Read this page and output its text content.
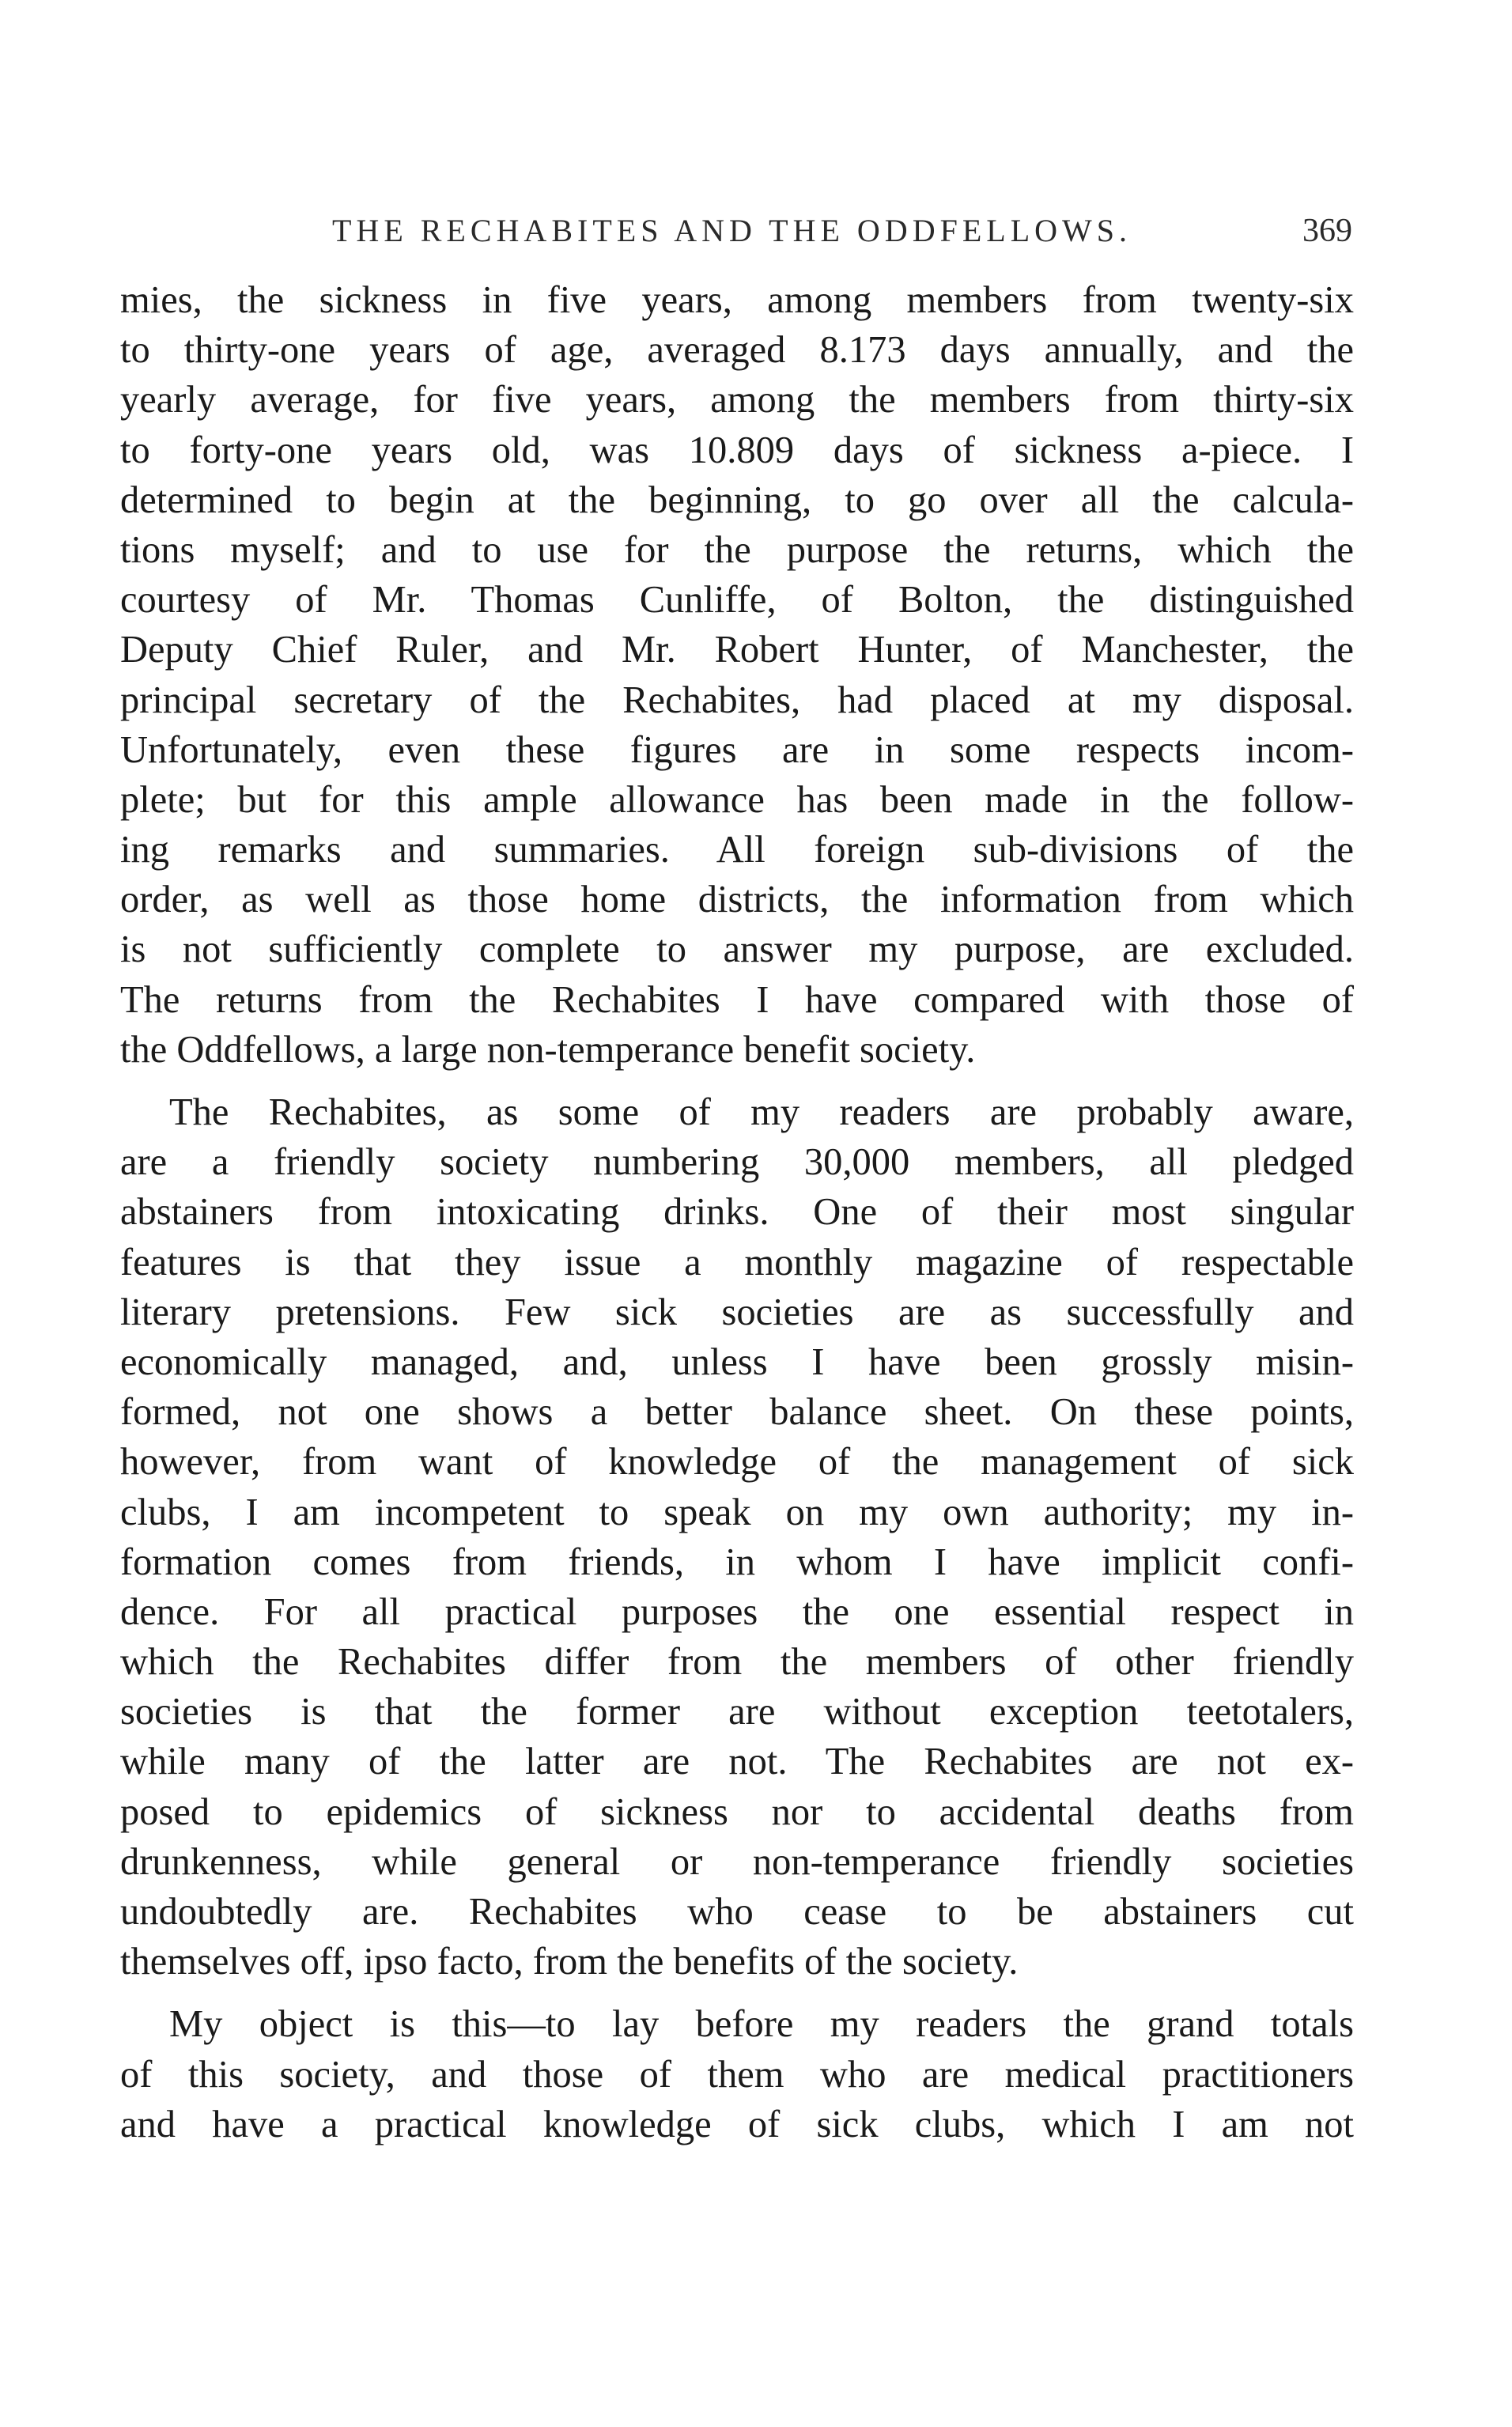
THE RECHABITES AND THE ODDFELLOWS.	369
mies, the sickness in five years, among members from twenty-six
to thirty-one years of age, averaged 8.173 days annually, and the
yearly average, for five years, among the members from thirty-six
to forty-one years old, was 10.809 days of sickness a-piece. I
determined to begin at the beginning, to go over all the calcula-
tions myself; and to use for the purpose the returns, which the
courtesy of Mr. Thomas Cunliffe, of Bolton, the distinguished
Deputy Chief Ruler, and Mr. Robert Hunter, of Manchester, the
principal secretary of the Rechabites, had placed at my disposal.
Unfortunately, even these figures are in some respects incom-
plete; but for this ample allowance has been made in the follow-
ing remarks and summaries. All foreign sub-divisions of the
order, as well as those home districts, the information from which
is not sufficiently complete to answer my purpose, are excluded.
The returns from the Rechabites I have compared with those of
the Oddfellows, a large non-temperance benefit society.
The Rechabites, as some of my readers are probably aware,
are a friendly society numbering 30,000 members, all pledged
abstainers from intoxicating drinks. One of their most singular
features is that they issue a monthly magazine of respectable
literary pretensions. Few sick societies are as successfully and
economically managed, and, unless I have been grossly misin-
formed, not one shows a better balance sheet. On these points,
however, from want of knowledge of the management of sick
clubs, I am incompetent to speak on my own authority; my in-
formation comes from friends, in whom I have implicit confi-
dence. For all practical purposes the one essential respect in
which the Rechabites differ from the members of other friendly
societies is that the former are without exception teetotalers,
while many of the latter are not. The Rechabites are not ex-
posed to epidemics of sickness nor to accidental deaths from
drunkenness, while general or non-temperance friendly societies
undoubtedly are. Rechabites who cease to be abstainers cut
themselves off, ipso facto, from the benefits of the society.
My object is this—to lay before my readers the grand totals
of this society, and those of them who are medical practitioners
and have a practical knowledge of sick clubs, which I am not
